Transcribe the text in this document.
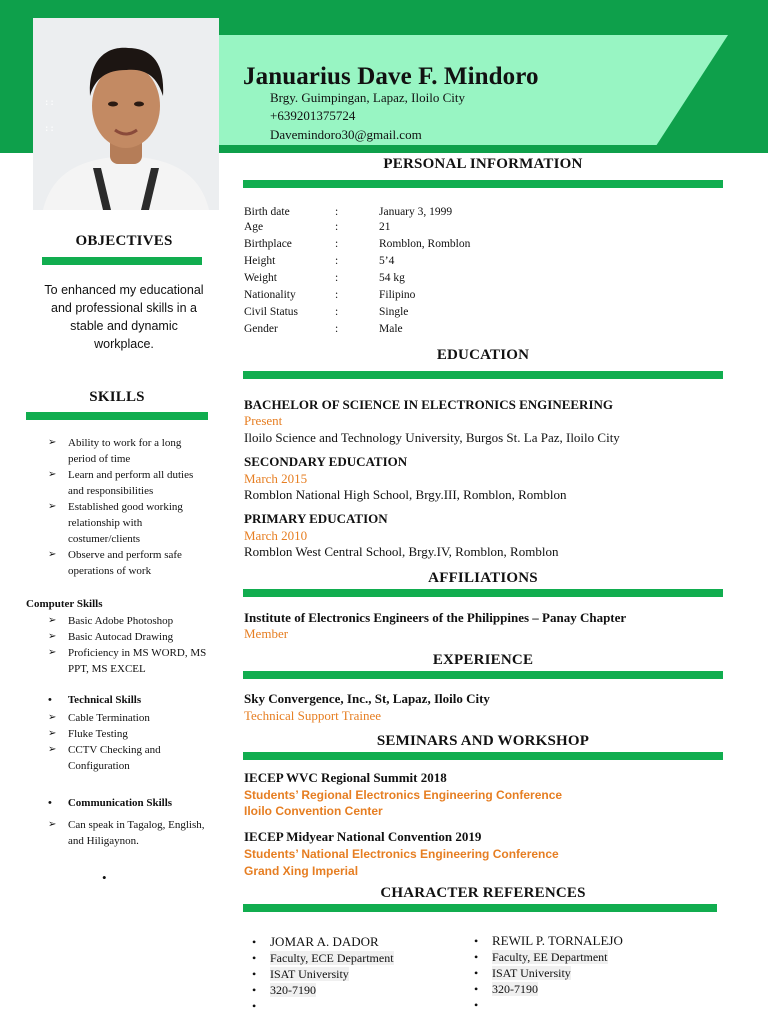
::
::
Januarius Dave F. Mindoro
Brgy. Guimpingan, Lapaz, Iloilo City
+639201375724
Davemindoro30@gmail.com
PERSONAL INFORMATION
Birth date	:	January 3, 1999
Age	:	21
Birthplace	:	Romblon, Romblon
Height	:	5’4
Weight	:	54 kg
Nationality	:	Filipino
Civil Status	:	Single
Gender	:	Male
EDUCATION
BACHELOR OF SCIENCE IN ELECTRONICS ENGINEERING
Present
Iloilo Science and Technology University, Burgos St. La Paz, Iloilo City
SECONDARY EDUCATION
March 2015
Romblon National High School, Brgy.III, Romblon, Romblon
PRIMARY EDUCATION
March 2010
Romblon West Central School, Brgy.IV, Romblon, Romblon
AFFILIATIONS
Institute of Electronics Engineers of the Philippines – Panay Chapter
Member
EXPERIENCE
Sky Convergence, Inc., St, Lapaz, Iloilo City
Technical Support Trainee
SEMINARS AND WORKSHOP
IECEP WVC Regional Summit 2018
Students’ Regional Electronics Engineering Conference
Iloilo Convention Center
IECEP Midyear National Convention 2019
Students’ National Electronics Engineering Conference
Grand Xing Imperial
CHARACTER REFERENCES
• JOMAR A. DADOR
• Faculty, ECE Department
• ISAT University
• 320-7190
•
• REWIL P. TORNALEJO
• Faculty, EE Department
• ISAT University
• 320-7190
•
OBJECTIVES
To enhanced my educational and professional skills in a stable and dynamic workplace.
SKILLS
➢ Ability to work for a long period of time
➢ Learn and perform all duties and responsibilities
➢ Established good working relationship with costumer/clients
➢ Observe and perform safe operations of work
Computer Skills
➢ Basic Adobe Photoshop
➢ Basic Autocad Drawing
➢ Proficiency in MS WORD, MS PPT, MS EXCEL
• Technical Skills
➢ Cable Termination
➢ Fluke Testing
➢ CCTV Checking and Configuration
• Communication Skills
➢ Can speak in Tagalog, English, and Hiligaynon.
•
